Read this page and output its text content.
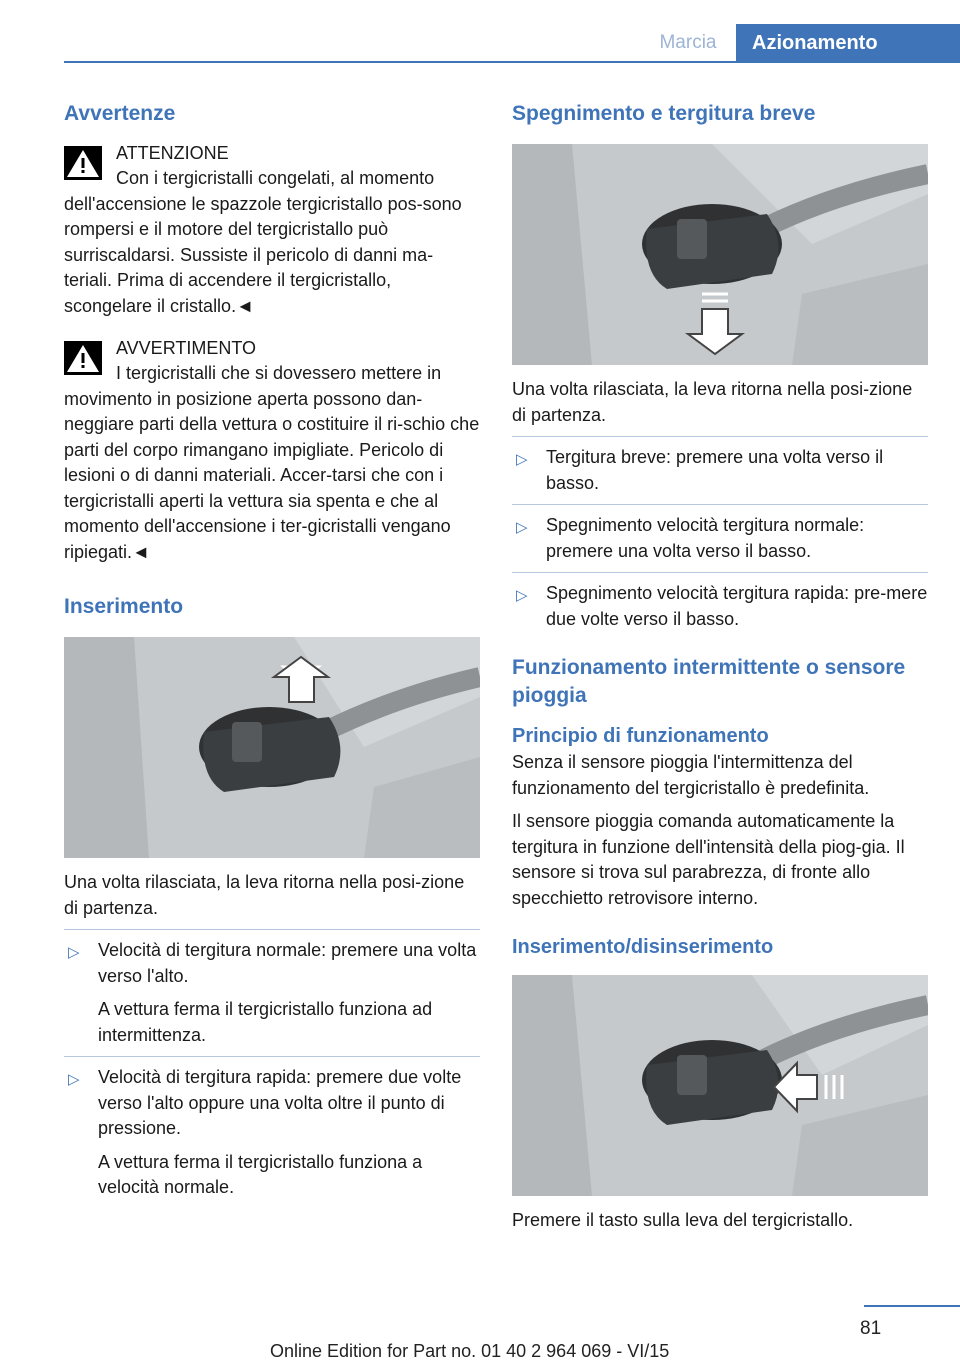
Marcia	Azionamento
Avvertenze
ATTENZIONE

Con i tergicristalli congelati, al momento dell'accensione le spazzole tergicristallo pos-sono rompersi e il motore del tergicristallo può surriscaldarsi. Sussiste il pericolo di danni ma-teriali. Prima di accendere il tergicristallo, scongelare il cristallo.◄

AVVERTIMENTO

I tergicristalli che si dovessero mettere in movimento in posizione aperta possono dan-neggiare parti della vettura o costituire il ri-schio che parti del corpo rimangano impigliate. Pericolo di lesioni o di danni materiali. Accer-tarsi che con i tergicristalli aperti la vettura sia spenta e che al momento dell'accensione i ter-gicristalli vengano ripiegati.◄

Inserimento

Una volta rilasciata, la leva ritorna nella posi-zione di partenza.

▷ Velocità di tergitura normale: premere una volta verso l'alto.
A vettura ferma il tergicristallo funziona ad intermittenza.
▷ Velocità di tergitura rapida: premere due volte verso l'alto oppure una volta oltre il punto di pressione.
A vettura ferma il tergicristallo funziona a velocità normale.
Spegnimento e tergitura breve

Una volta rilasciata, la leva ritorna nella posi-zione di partenza.

▷ Tergitura breve: premere una volta verso il basso.
▷ Spegnimento velocità tergitura normale: premere una volta verso il basso.
▷ Spegnimento velocità tergitura rapida: pre-mere due volte verso il basso.
Funzionamento intermittente o sensore pioggia
Principio di funzionamento

Senza il sensore pioggia l'intermittenza del funzionamento del tergicristallo è predefinita.

Il sensore pioggia comanda automaticamente la tergitura in funzione dell'intensità della piog-gia. Il sensore si trova sul parabrezza, di fronte allo specchietto retrovisore interno.

Inserimento/disinserimento

Premere il tasto sulla leva del tergicristallo.

81
Online Edition for Part no. 01 40 2 964 069 - VI/15
